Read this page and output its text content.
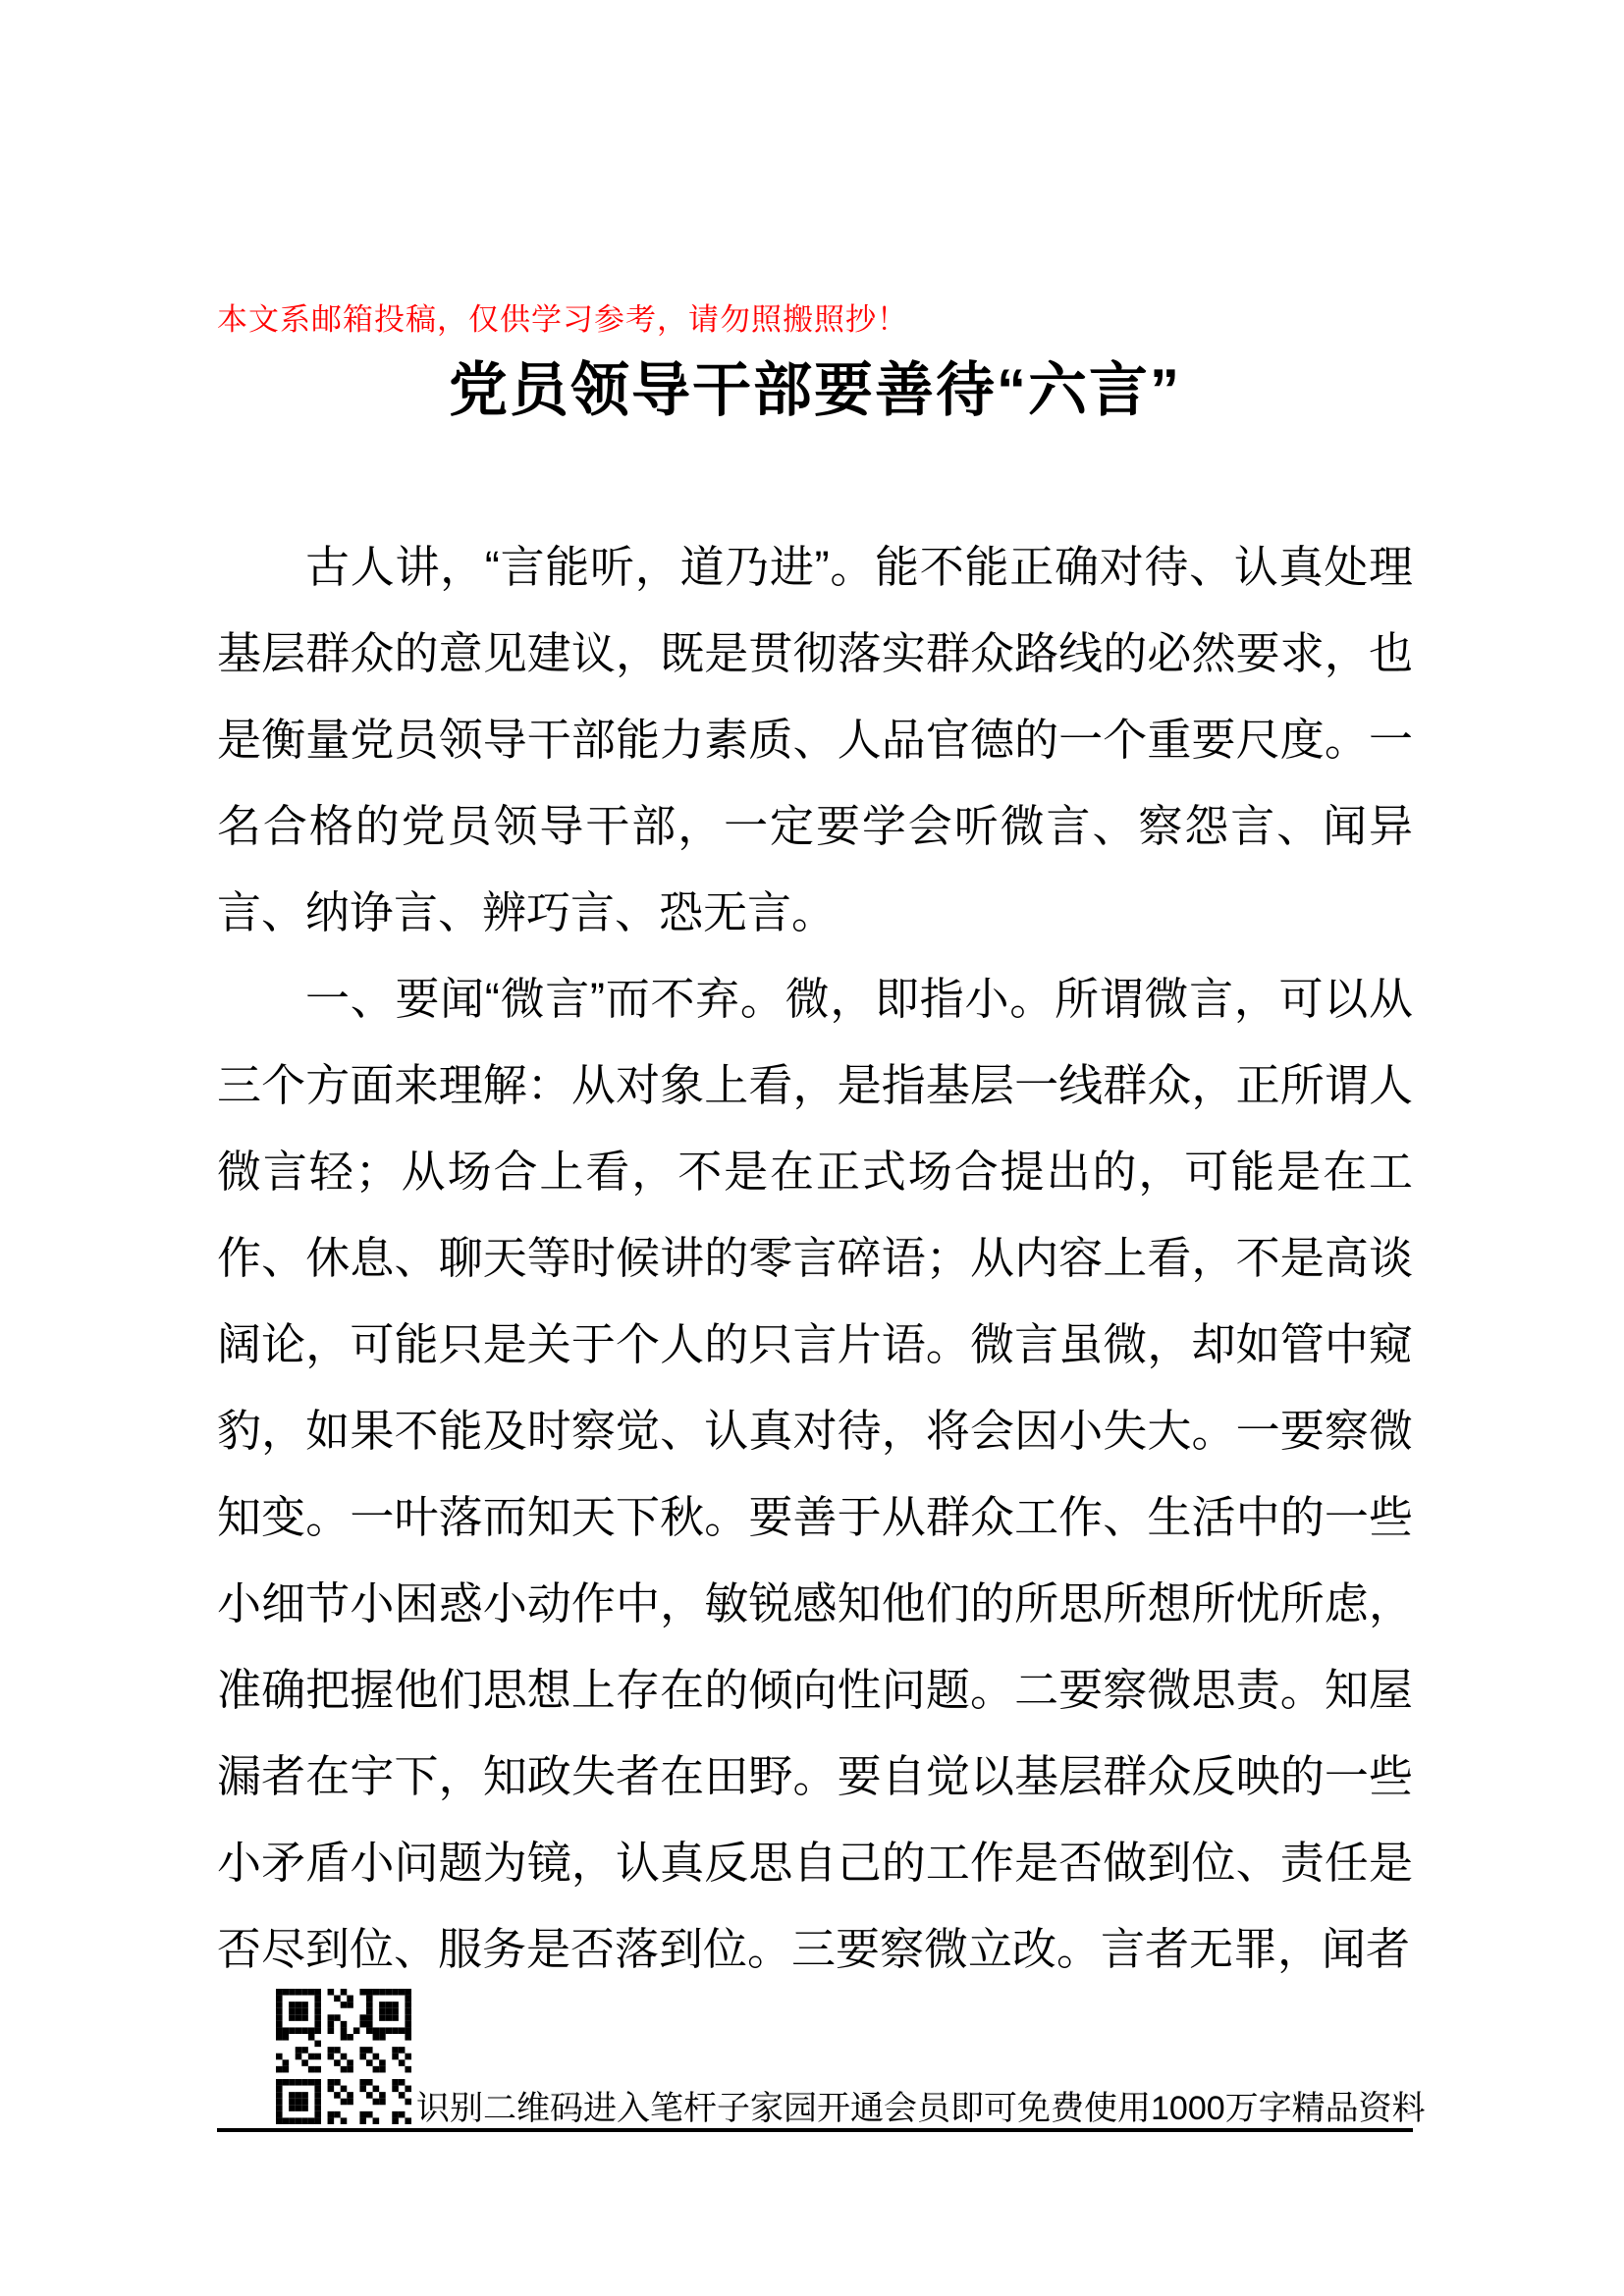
本文系邮箱投稿，仅供学习参考，请勿照搬照抄！
党员领导干部要善待“六言”

古人讲，“言能听，道乃进”。能不能正确对待、认真处理基层群众的意见建议，既是贯彻落实群众路线的必然要求，也是衡量党员领导干部能力素质、人品官德的一个重要尺度。一名合格的党员领导干部，一定要学会听微言、察怨言、闻异言、纳诤言、辨巧言、恐无言。

一、要闻“微言”而不弃。微，即指小。所谓微言，可以从三个方面来理解：从对象上看，是指基层一线群众，正所谓人微言轻；从场合上看，不是在正式场合提出的，可能是在工作、休息、聊天等时候讲的零言碎语；从内容上看，不是高谈阔论，可能只是关于个人的只言片语。微言虽微，却如管中窥豹，如果不能及时察觉、认真对待，将会因小失大。一要察微知变。一叶落而知天下秋。要善于从群众工作、生活中的一些小细节小困惑小动作中，敏锐感知他们的所思所想所忧所虑，准确把握他们思想上存在的倾向性问题。二要察微思责。知屋漏者在宇下，知政失者在田野。要自觉以基层群众反映的一些小矛盾小问题为镜，认真反思自己的工作是否做到位、责任是否尽到位、服务是否落到位。三要察微立改。言者无罪，闻者

识别二维码进入笔杆子家园开通会员即可免费使用1000万字精品资料
